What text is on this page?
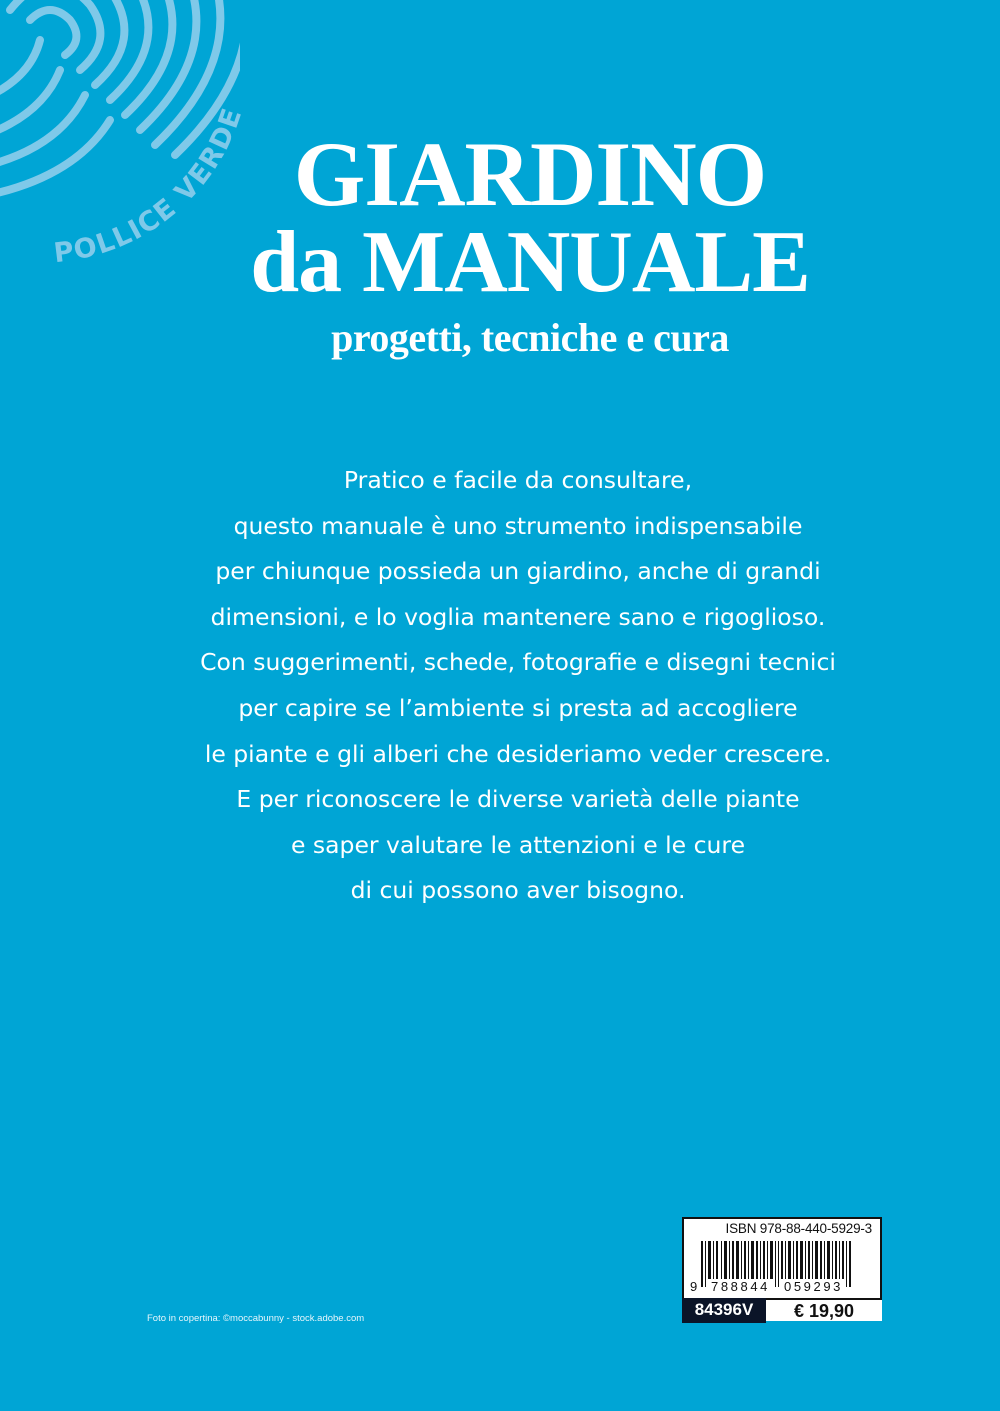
POLLICE VERDE
GIARDINO
da MANUALE
progetti, tecniche e cura
Pratico e facile da consultare,
questo manuale è uno strumento indispensabile
per chiunque possieda un giardino, anche di grandi
dimensioni, e lo voglia mantenere sano e rigoglioso.
Con suggerimenti, schede, fotografie e disegni tecnici
per capire se l’ambiente si presta ad accogliere
le piante e gli alberi che desideriamo veder crescere.
E per riconoscere le diverse varietà delle piante
e saper valutare le attenzioni e le cure
di cui possono aver bisogno.
ISBN 978-88-440-5929-3
9 788844 059293
84396V	€ 19,90
Foto in copertina: ©moccabunny - stock.adobe.com
